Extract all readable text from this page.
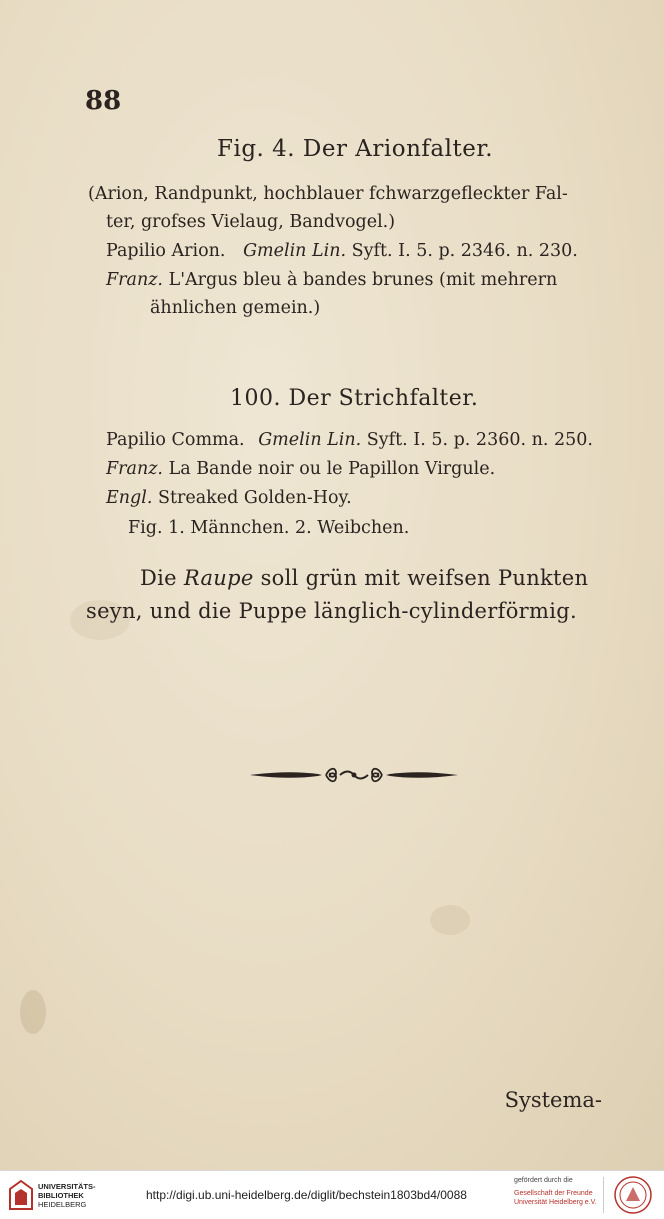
88
Fig. 4. Der Arionfalter.
(Arion, Randpunkt, hochblauer fchwarzgefleckter Fal-
ter, grofses Vielaug, Bandvogel.)
Papilio Arion. Gmelin Lin. Syft. I. 5. p. 2346. n. 230.
Franz. L'Argus bleu à bandes brunes (mit mehrern
ähnlichen gemein.)
100. Der Strichfalter.
Papilio Comma. Gmelin Lin. Syft. I. 5. p. 2360. n. 250.
Franz. La Bande noir ou le Papillon Virgule.
Engl. Streaked Golden-Hoy.
Fig. 1. Männchen. 2. Weibchen.
Die Raupe soll grün mit weifsen Punkten
seyn, und die Puppe länglich-cylinderförmig.
Systema-
UNIVERSITÄTS-
BIBLIOTHEK
HEIDELBERG
http://digi.ub.uni-heidelberg.de/diglit/bechstein1803bd4/0088
gefördert durch die
Gesellschaft der Freunde
Universität Heidelberg e.V.
